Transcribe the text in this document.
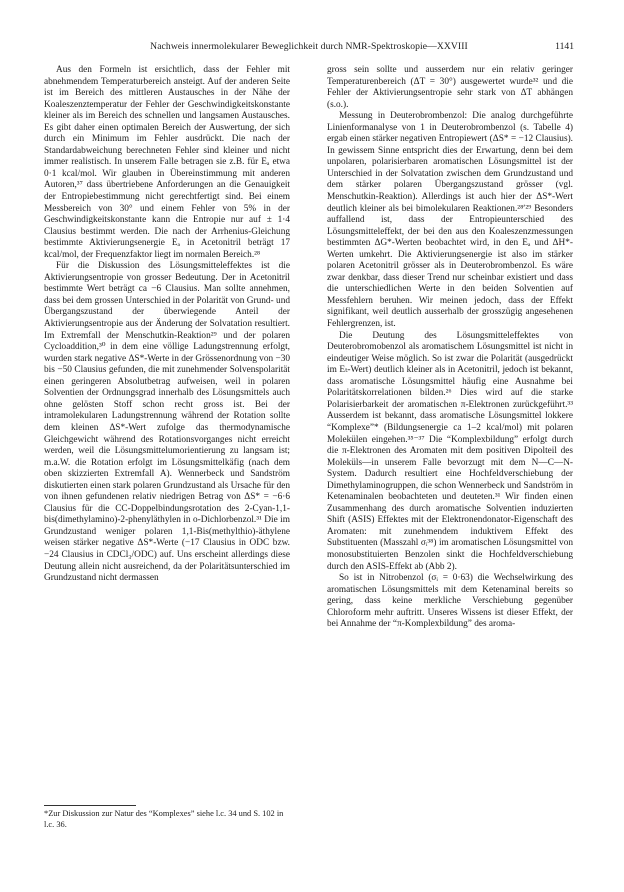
Nachweis innermolekularer Beweglichkeit durch NMR-Spektroskopie—XXVIII	1141

Aus den Formeln ist ersichtlich, dass der Fehler mit abnehmendem Temperaturbereich ansteigt. Auf der anderen Seite ist im Bereich des mittleren Austausches in der Nähe der Koaleszenztemperatur der Fehler der Geschwindigkeitskonstante kleiner als im Bereich des schnellen und langsamen Austausches. Es gibt daher einen optimalen Bereich der Auswertung, der sich durch ein Minimum im Fehler ausdrückt. Die nach der Standardabweichung berechneten Fehler sind kleiner und nicht immer realistisch. In unserem Falle betragen sie z.B. für Eₐ etwa 0·1 kcal/mol. Wir glauben in Übereinstimmung mit anderen Autoren,³⁷ dass übertriebene Anforderungen an die Genauigkeit der Entropiebestimmung nicht gerechtfertigt sind. Bei einem Messbereich von 30° und einem Fehler von 5% in der Geschwindigkeitskonstante kann die Entropie nur auf ± 1·4 Clausius bestimmt werden. Die nach der Arrhenius-Gleichung bestimmte Aktivierungsenergie Eₐ in Acetonitril beträgt 17 kcal/mol, der Frequenzfaktor liegt im normalen Bereich.²⁸

Für die Diskussion des Lösungsmitteleffektes ist die Aktivierungsentropie von grosser Bedeutung. Der in Acetonitril bestimmte Wert beträgt ca −6 Clausius. Man sollte annehmen, dass bei dem grossen Unterschied in der Polarität von Grund- und Übergangszustand der überwiegende Anteil der Aktivierungsentropie aus der Änderung der Solvatation resultiert. Im Extremfall der Menschutkin-Reaktion²⁹ und der polaren Cycloaddition,³⁰ in dem eine völlige Ladungstrennung erfolgt, wurden stark negative ΔS*-Werte in der Grössenordnung von −30 bis −50 Clausius gefunden, die mit zunehmender Solvenspolarität einen geringeren Absolutbetrag aufweisen, weil in polaren Solventien der Ordnungsgrad innerhalb des Lösungsmittels auch ohne gelösten Stoff schon recht gross ist. Bei der intramolekularen Ladungstrennung während der Rotation sollte dem kleinen ΔS*-Wert zufolge das thermodynamische Gleichgewicht während des Rotationsvorganges nicht erreicht werden, weil die Lösungsmittelumorientierung zu langsam ist; m.a.W. die Rotation erfolgt im Lösungsmittelkäfig (nach dem oben skizzierten Extremfall A). Wennerbeck und Sandström diskutierten einen stark polaren Grundzustand als Ursache für den von ihnen gefundenen relativ niedrigen Betrag von ΔS* = −6·6 Clausius für die CC-Doppelbindungsrotation des 2-Cyan-1,1-bis(dimethylamino)-2-phenyläthylen in o-Dichlorbenzol.³¹ Die im Grundzustand weniger polaren 1,1-Bis(methylthio)-äthylene weisen stärker negative ΔS*-Werte (−17 Clausius in ODC bzw. −24 Clausius in CDCl₃/ODC) auf. Uns erscheint allerdings diese Deutung allein nicht ausreichend, da der Polaritätsunterschied im Grundzustand nicht dermassen

gross sein sollte und ausserdem nur ein relativ geringer Temperaturenbereich (ΔT = 30°) ausgewertet wurde³² und die Fehler der Aktivierungsentropie sehr stark von ΔT abhängen (s.o.).

Messung in Deuterobrombenzol: Die analog durchgeführte Linienformanalyse von 1 in Deuterobrombenzol (s. Tabelle 4) ergab einen stärker negativen Entropiewert (ΔS* = −12 Clausius). In gewissem Sinne entspricht dies der Erwartung, denn bei dem unpolaren, polarisierbaren aromatischen Lösungsmittel ist der Unterschied in der Solvatation zwischen dem Grundzustand und dem stärker polaren Übergangszustand grösser (vgl. Menschutkin-Reaktion). Allerdings ist auch hier der ΔS*-Wert deutlich kleiner als bei bimolekularen Reaktionen.²⁸ʹ²⁹ Besonders auffallend ist, dass der Entropieunterschied des Lösungsmitteleffekt, der bei den aus den Koaleszenzmessungen bestimmten ΔG*-Werten beobachtet wird, in den Eₐ und ΔH*-Werten umkehrt. Die Aktivierungsenergie ist also im stärker polaren Acetonitril grösser als in Deuterobrombenzol. Es wäre zwar denkbar, dass dieser Trend nur scheinbar existiert und dass die unterschiedlichen Werte in den beiden Solventien auf Messfehlern beruhen. Wir meinen jedoch, dass der Effekt signifikant, weil deutlich ausserhalb der grosszügig angesehenen Fehlergrenzen, ist.

Die Deutung des Lösungsmitteleffektes von Deuterobromobenzol als aromatischem Lösungsmittel ist nicht in eindeutiger Weise möglich. So ist zwar die Polarität (ausgedrückt im Eₜ-Wert) deutlich kleiner als in Acetonitril, jedoch ist bekannt, dass aromatische Lösungsmittel häufig eine Ausnahme bei Polaritätskorrelationen bilden.²⁶ Dies wird auf die starke Polarisierbarkeit der aromatischen π-Elektronen zurückgeführt.³³ Ausserdem ist bekannt, dass aromatische Lösungsmittel lokkere “Komplexe”* (Bildungsenergie ca 1–2 kcal/mol) mit polaren Molekülen eingehen.³⁵⁻³⁷ Die “Komplexbildung” erfolgt durch die π-Elektronen des Aromaten mit dem positiven Dipolteil des Moleküls—in unserem Falle bevorzugt mit dem N—C—N-System. Dadurch resultiert eine Hochfeldverschiebung der Dimethylaminogruppen, die schon Wennerbeck und Sandström in Ketenaminalen beobachteten und deuteten.³¹ Wir finden einen Zusammenhang des durch aromatische Solventien induzierten Shift (ASIS) Effektes mit der Elektronendonator-Eigenschaft des Aromaten: mit zunehmendem induktivem Effekt des Substituenten (Masszahl σᵢ³⁸) im aromatischen Lösungsmittel von monosubstituierten Benzolen sinkt die Hochfeldverschiebung durch den ASIS-Effekt ab (Abb 2).

So ist in Nitrobenzol (σᵢ = 0·63) die Wechselwirkung des aromatischen Lösungsmittels mit dem Ketenaminal bereits so gering, dass keine merkliche Verschiebung gegenüber Chloroform mehr auftritt. Unseres Wissens ist dieser Effekt, der bei Annahme der “π-Komplexbildung” des aroma-

*Zur Diskussion zur Natur des “Komplexes” siehe l.c. 34 und S. 102 in l.c. 36.
